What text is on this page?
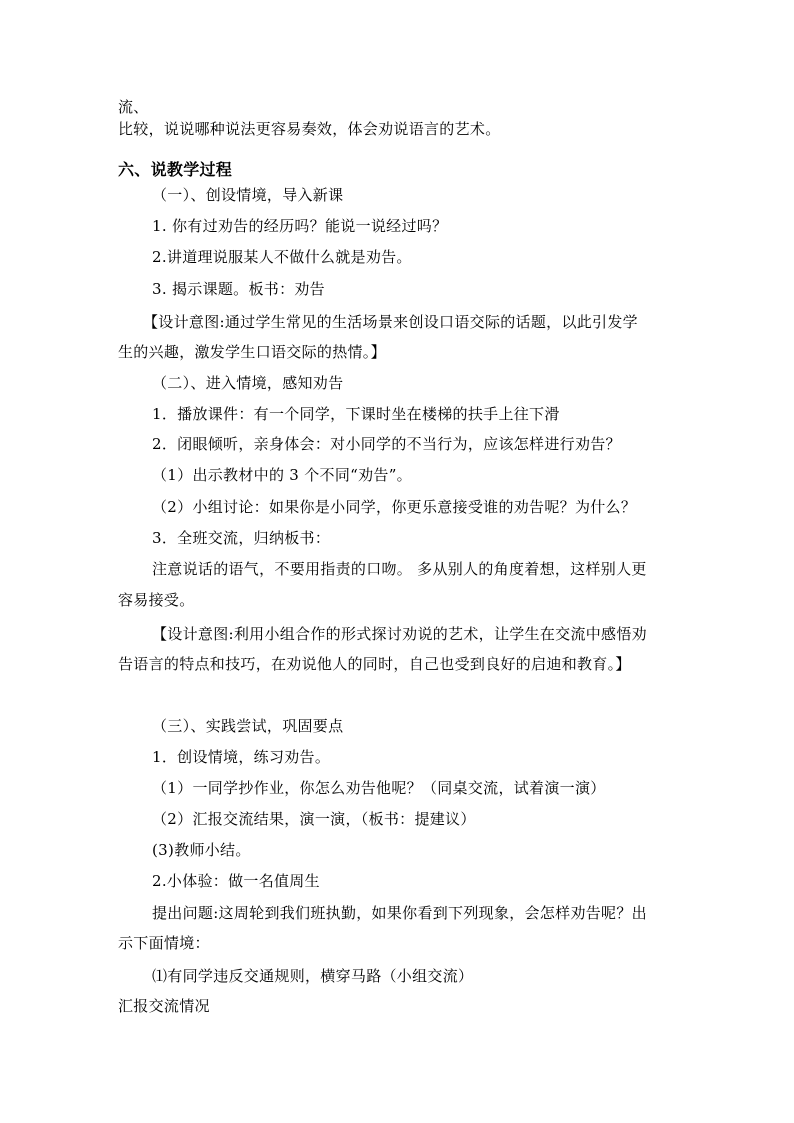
流、
比较，说说哪种说法更容易奏效，体会劝说语言的艺术。
六、说教学过程
（一）、创设情境，导入新课
1. 你有过劝告的经历吗？能说一说经过吗？
2.讲道理说服某人不做什么就是劝告。
3. 揭示课题。板书：劝告
【设计意图:通过学生常见的生活场景来创设口语交际的话题，以此引发学
生的兴趣，激发学生口语交际的热情。】
（二）、进入情境，感知劝告
1．播放课件：有一个同学，下课时坐在楼梯的扶手上往下滑
2．闭眼倾听，亲身体会：对小同学的不当行为，应该怎样进行劝告？
（1）出示教材中的 3 个不同“劝告”。
（2）小组讨论：如果你是小同学，你更乐意接受谁的劝告呢？为什么？
3．全班交流，归纳板书：
注意说话的语气，不要用指责的口吻。 多从别人的角度着想，这样别人更
容易接受。
【设计意图:利用小组合作的形式探讨劝说的艺术，让学生在交流中感悟劝
告语言的特点和技巧，在劝说他人的同时，自己也受到良好的启迪和教育。】
（三）、实践尝试，巩固要点
1．创设情境，练习劝告。
（1）一同学抄作业，你怎么劝告他呢？（同桌交流，试着演一演）
（2）汇报交流结果，演一演，（板书：提建议）
(3)教师小结。
2.小体验：做一名值周生
提出问题:这周轮到我们班执勤，如果你看到下列现象，会怎样劝告呢？出
示下面情境：
⑴有同学违反交通规则，横穿马路（小组交流）
汇报交流情况
